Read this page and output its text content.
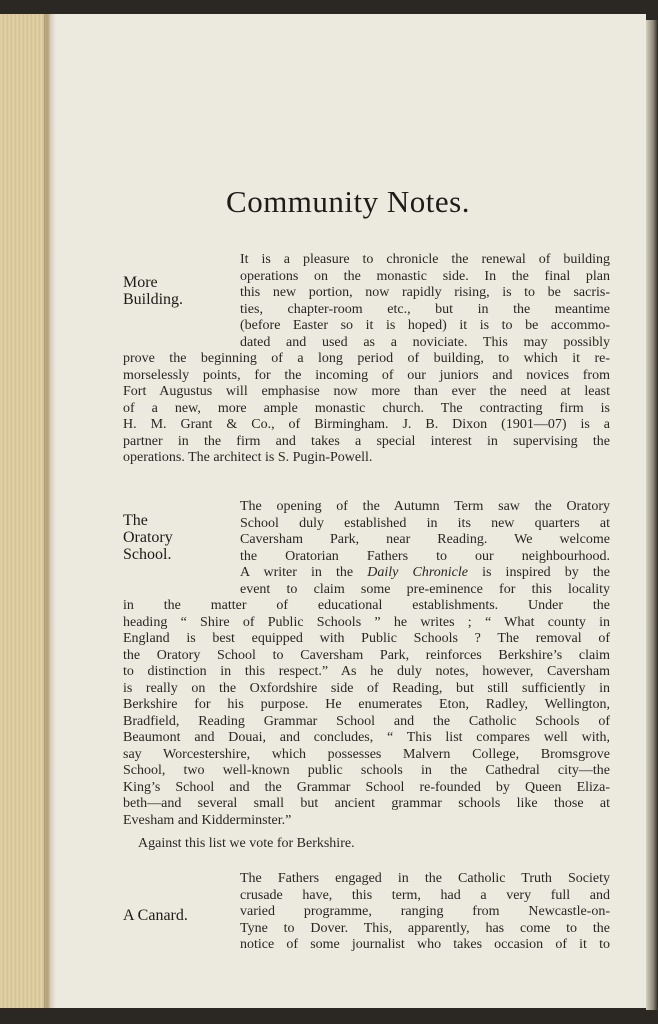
Community Notes.
More
Building.
It is a pleasure to chronicle the renewal of building
operations on the monastic side. In the final plan
this new portion, now rapidly rising, is to be sacris-
ties, chapter-room etc., but in the meantime
(before Easter so it is hoped) it is to be accommo-
dated and used as a noviciate. This may possibly
prove the beginning of a long period of building, to which it re-
morselessly points, for the incoming of our juniors and novices from
Fort Augustus will emphasise now more than ever the need at least
of a new, more ample monastic church. The contracting firm is
H. M. Grant & Co., of Birmingham. J. B. Dixon (1901—07) is a
partner in the firm and takes a special interest in supervising the
operations. The architect is S. Pugin-Powell.
The
Oratory
School.
The opening of the Autumn Term saw the Oratory
School duly established in its new quarters at
Caversham Park, near Reading. We welcome
the Oratorian Fathers to our neighbourhood.
A writer in the Daily Chronicle is inspired by the
event to claim some pre-eminence for this locality
in the matter of educational establishments. Under the
heading “ Shire of Public Schools ” he writes ; “ What county in
England is best equipped with Public Schools ? The removal of
the Oratory School to Caversham Park, reinforces Berkshire’s claim
to distinction in this respect.” As he duly notes, however, Caversham
is really on the Oxfordshire side of Reading, but still sufficiently in
Berkshire for his purpose. He enumerates Eton, Radley, Wellington,
Bradfield, Reading Grammar School and the Catholic Schools of
Beaumont and Douai, and concludes, “ This list compares well with,
say Worcestershire, which possesses Malvern College, Bromsgrove
School, two well-known public schools in the Cathedral city—the
King’s School and the Grammar School re-founded by Queen Eliza-
beth—and several small but ancient grammar schools like those at
Evesham and Kidderminster.”
Against this list we vote for Berkshire.
A Canard.
The Fathers engaged in the Catholic Truth Society
crusade have, this term, had a very full and
varied programme, ranging from Newcastle-on-
Tyne to Dover. This, apparently, has come to the
notice of some journalist who takes occasion of it to
